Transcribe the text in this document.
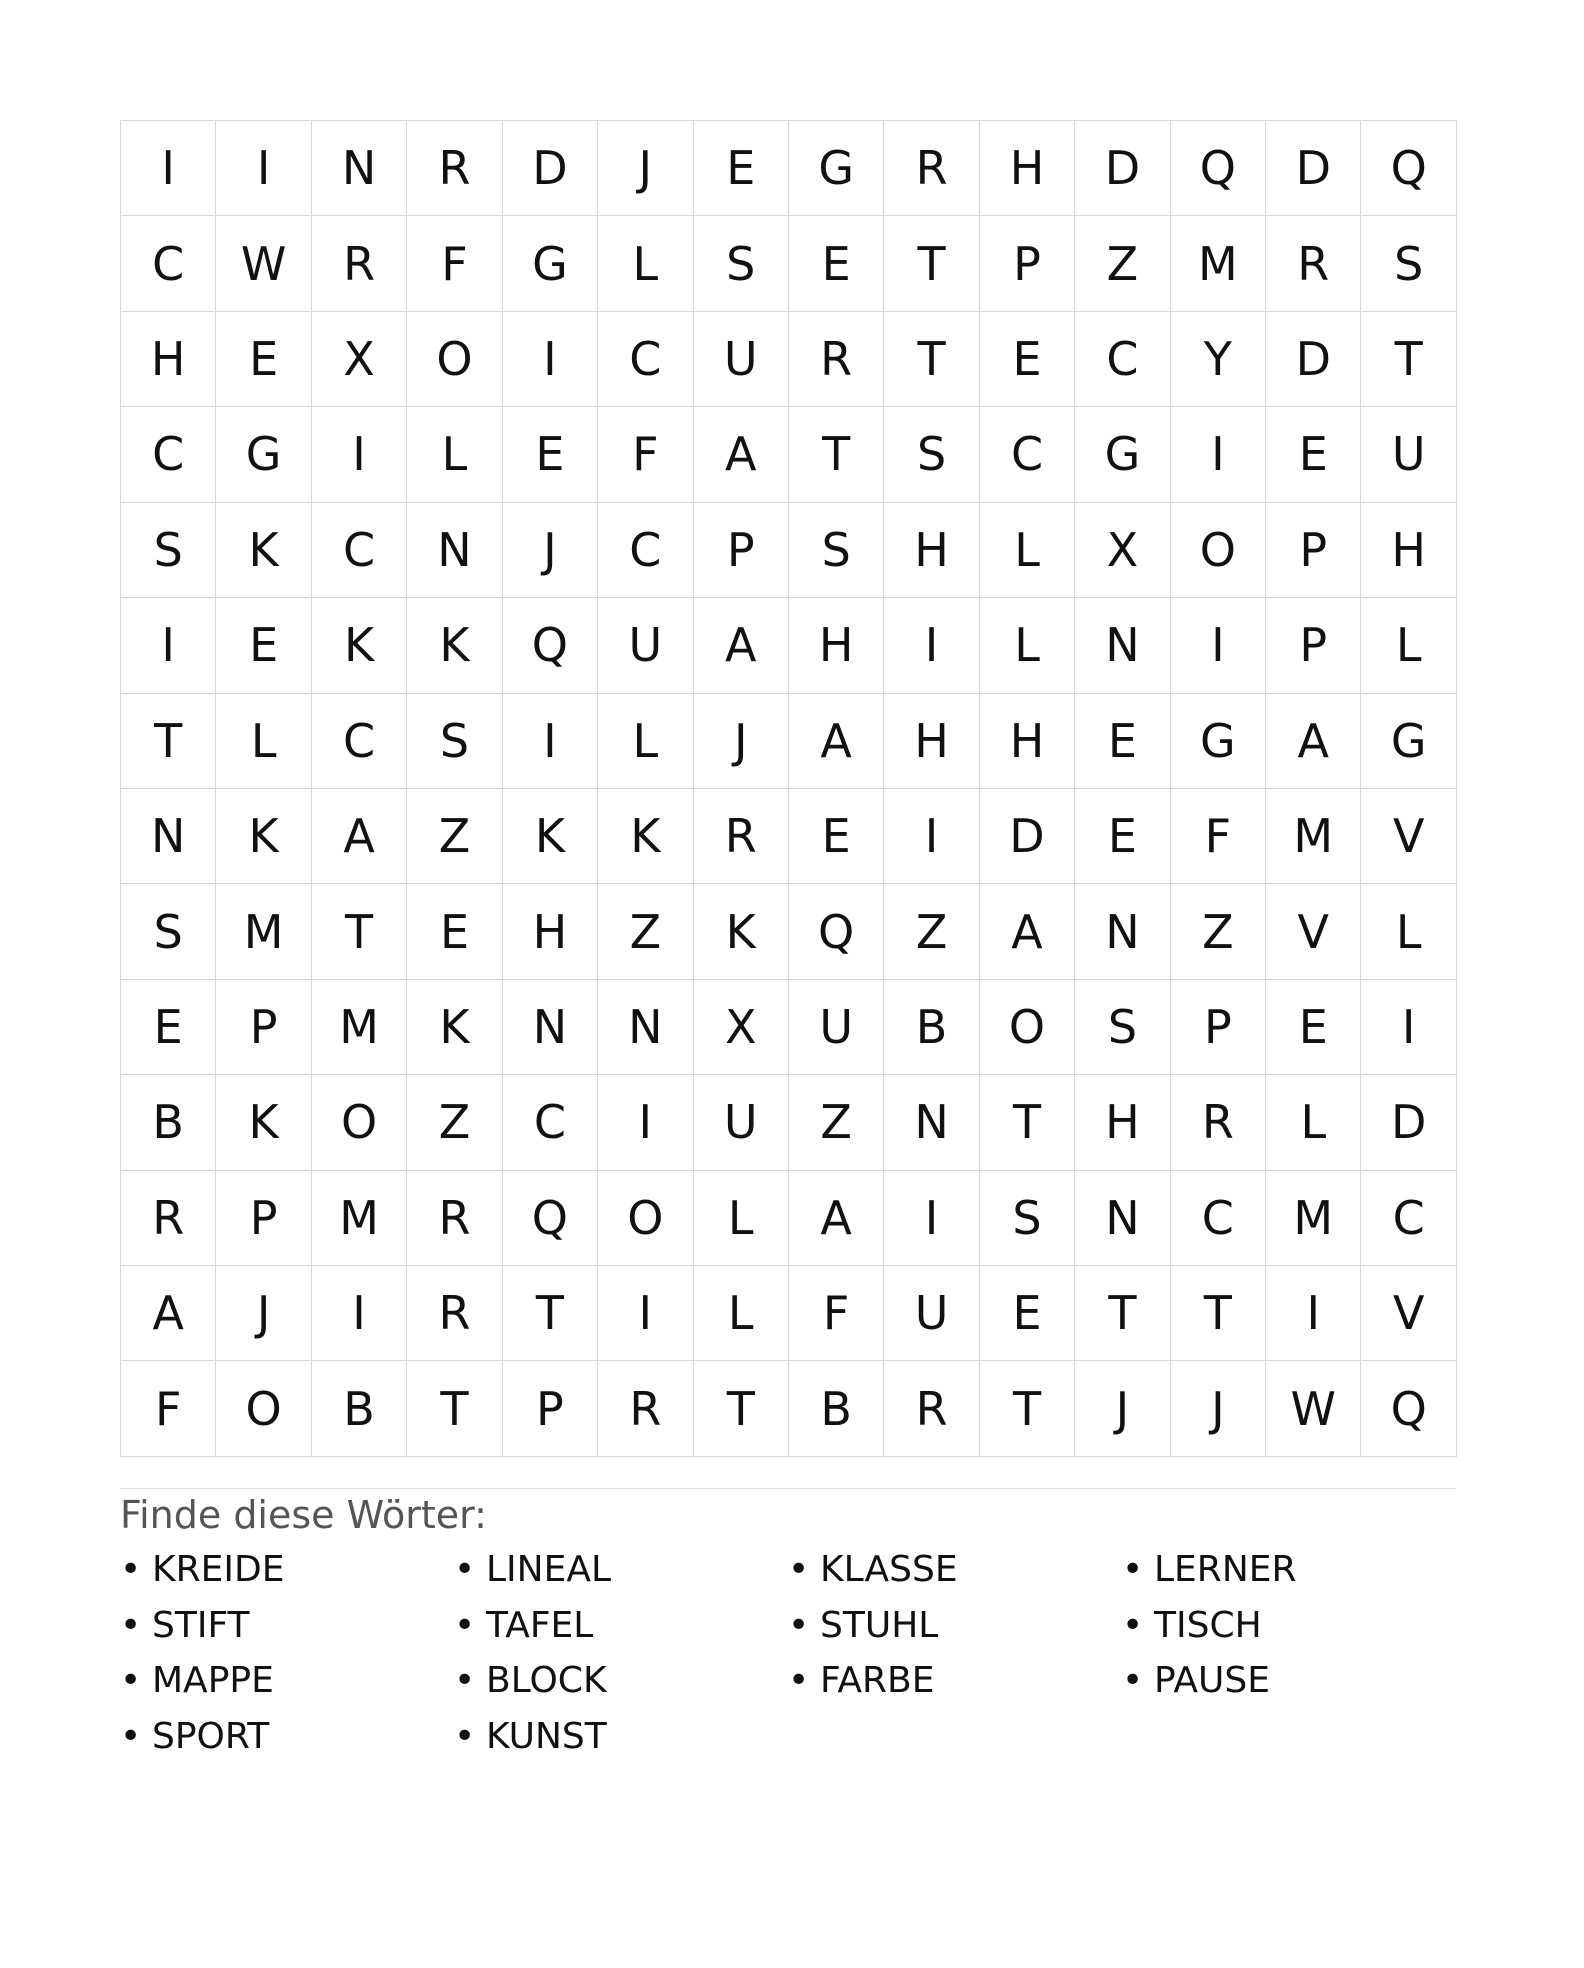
I	I	N	R	D	J	E	G	R	H	D	Q	D	Q
C	W	R	F	G	L	S	E	T	P	Z	M	R	S
H	E	X	O	I	C	U	R	T	E	C	Y	D	T
C	G	I	L	E	F	A	T	S	C	G	I	E	U
S	K	C	N	J	C	P	S	H	L	X	O	P	H
I	E	K	K	Q	U	A	H	I	L	N	I	P	L
T	L	C	S	I	L	J	A	H	H	E	G	A	G
N	K	A	Z	K	K	R	E	I	D	E	F	M	V
S	M	T	E	H	Z	K	Q	Z	A	N	Z	V	L
E	P	M	K	N	N	X	U	B	O	S	P	E	I
B	K	O	Z	C	I	U	Z	N	T	H	R	L	D
R	P	M	R	Q	O	L	A	I	S	N	C	M	C
A	J	I	R	T	I	L	F	U	E	T	T	I	V
F	O	B	T	P	R	T	B	R	T	J	J	W	Q
Finde diese Wörter:
• KREIDE	• LINEAL	• KLASSE	• LERNER
• STIFT	• TAFEL	• STUHL	• TISCH
• MAPPE	• BLOCK	• FARBE	• PAUSE
• SPORT	• KUNST
